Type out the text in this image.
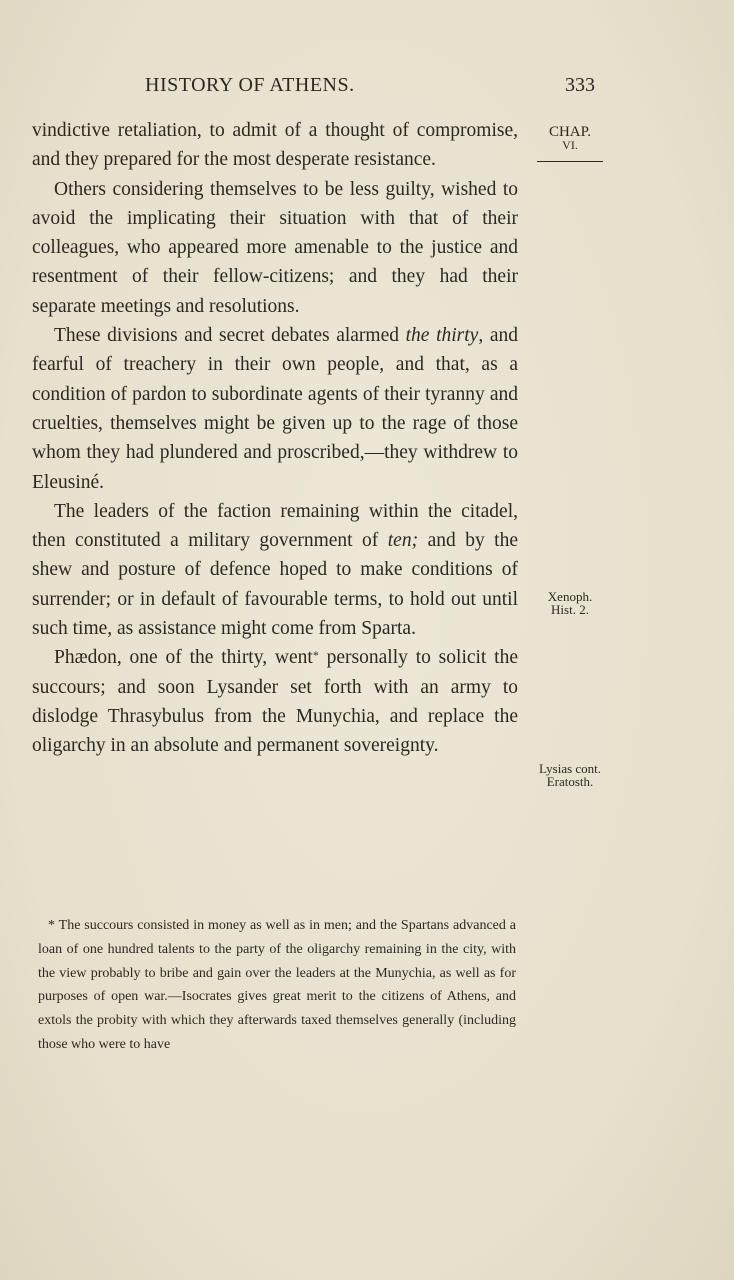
HISTORY OF ATHENS.	333
CHAP.
VI.
Xenoph.
Hist. 2.
Lysias cont.
Eratosth.

vindictive retaliation, to admit of a thought of compromise, and they prepared for the most desperate resistance.

Others considering themselves to be less guilty, wished to avoid the implicating their situation with that of their colleagues, who appeared more amenable to the justice and resentment of their fellow-citizens; and they had their separate meetings and resolutions.

These divisions and secret debates alarmed the thirty, and fearful of treachery in their own people, and that, as a condition of pardon to subordinate agents of their tyranny and cruelties, themselves might be given up to the rage of those whom they had plundered and proscribed,—they withdrew to Eleusiné.

The leaders of the faction remaining within the citadel, then constituted a military government of ten; and by the shew and posture of defence hoped to make conditions of surrender; or in default of favourable terms, to hold out until such time, as assistance might come from Sparta.

Phædon, one of the thirty, went* personally to solicit the succours; and soon Lysander set forth with an army to dislodge Thrasybulus from the Munychia, and replace the oligarchy in an absolute and permanent sovereignty.

* The succours consisted in money as well as in men; and the Spartans advanced a loan of one hundred talents to the party of the oligarchy remaining in the city, with the view probably to bribe and gain over the leaders at the Munychia, as well as for purposes of open war.—Isocrates gives great merit to the citizens of Athens, and extols the probity with which they afterwards taxed themselves generally (including those who were to have
